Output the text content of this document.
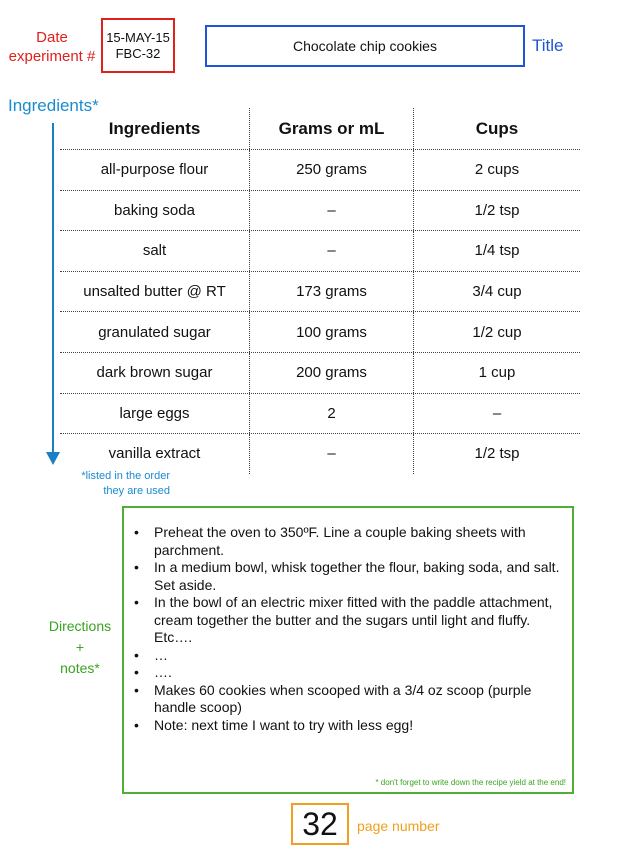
Date
experiment #
15-MAY-15
FBC-32	Chocolate chip cookies	Title
Ingredients*
*listed in the order
they are used
Ingredients	Grams or mL	Cups
all-purpose flour	250 grams	2 cups
baking soda	–	1/2 tsp
salt	–	1/4 tsp
unsalted butter @ RT	173 grams	3/4 cup
granulated sugar	100 grams	1/2 cup
dark brown sugar	200 grams	1 cup
large eggs	2	–
vanilla extract	–	1/2 tsp
Directions
+
notes*
• Preheat the oven to 350ºF. Line a couple baking sheets with parchment.
• In a medium bowl, whisk together the flour, baking soda, and salt. Set aside.
• In the bowl of an electric mixer fitted with the paddle attachment, cream together the butter and the sugars until light and fluffy. Etc….
• …
• ….
• Makes 60 cookies when scooped with a 3/4 oz scoop (purple handle scoop)
• Note: next time I want to try with less egg!
* don't forget to write down the recipe yield at the end!
32	page number
